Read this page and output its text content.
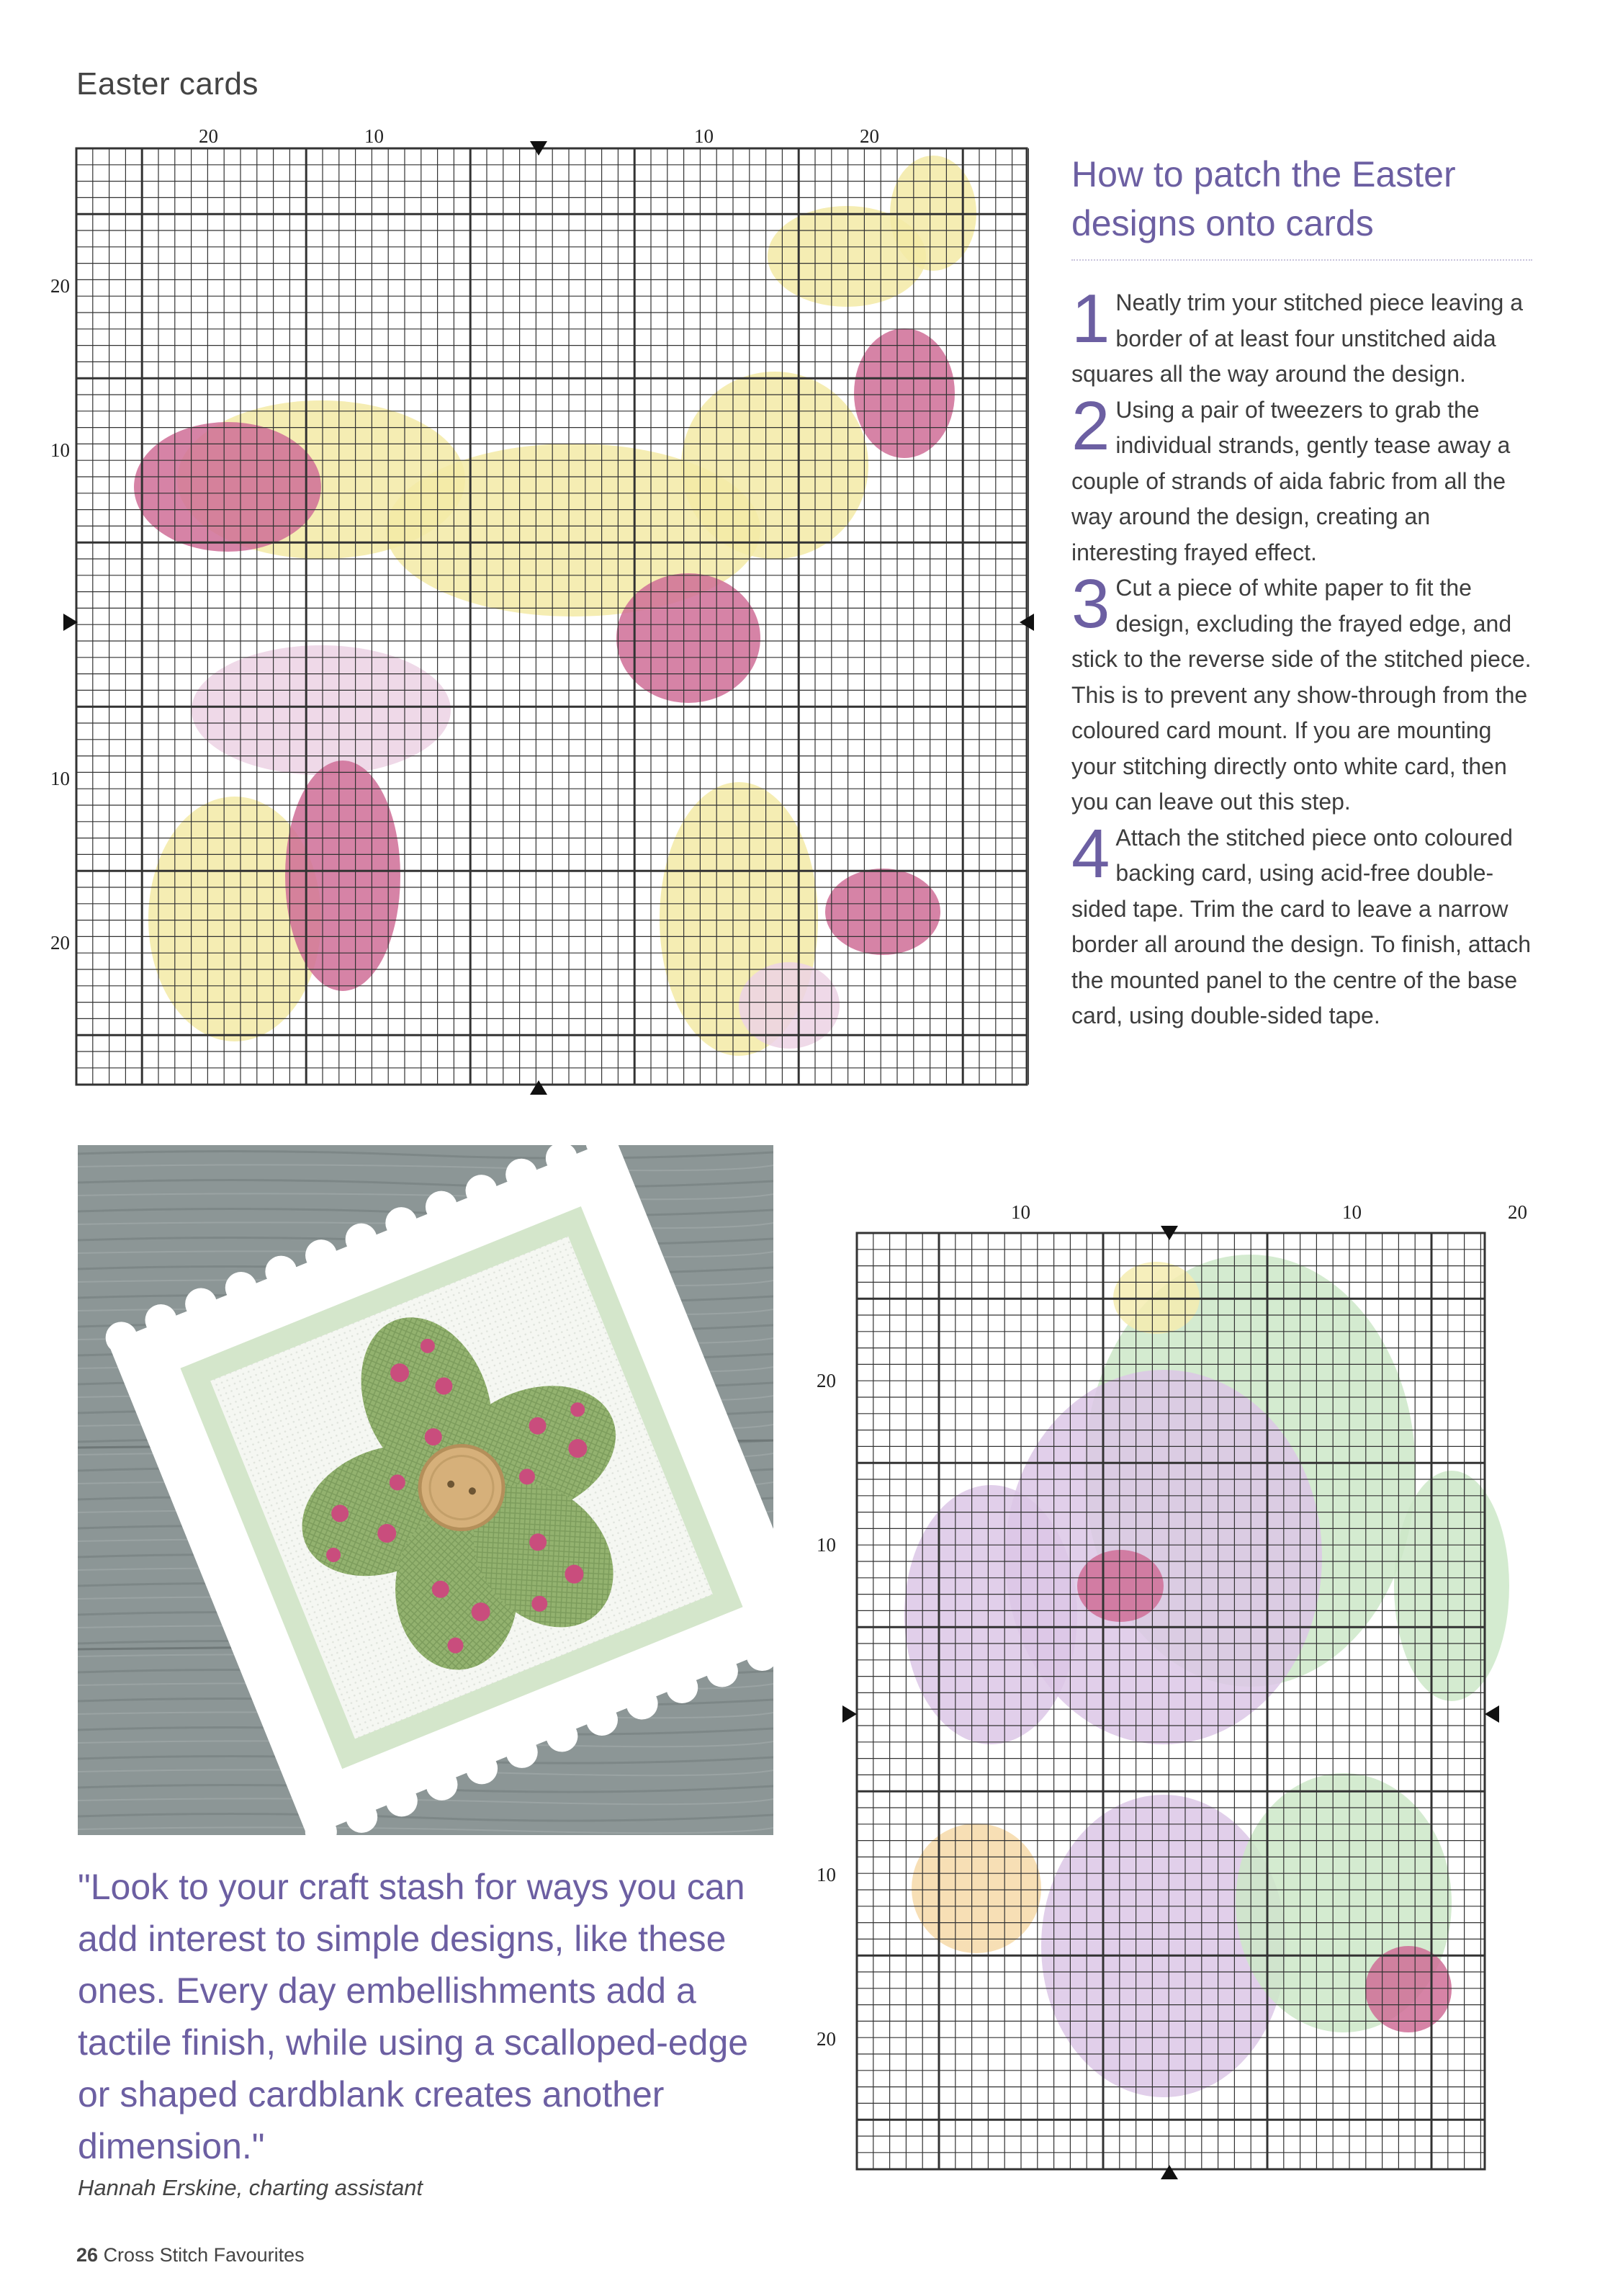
Easter cards
20	10	10	20
20
10
10
20
How to patch the Easter designs onto cards
1 Neatly trim your stitched piece leaving a border of at least four unstitched aida squares all the way around the design.
2 Using a pair of tweezers to grab the individual strands, gently tease away a couple of strands of aida fabric from all the way around the design, creating an interesting frayed effect.
3 Cut a piece of white paper to fit the design, excluding the frayed edge, and stick to the reverse side of the stitched piece. This is to prevent any show-through from the coloured card mount. If you are mounting your stitching directly onto white card, then you can leave out this step.
4 Attach the stitched piece onto coloured backing card, using acid-free double-sided tape. Trim the card to leave a narrow border all around the design. To finish, attach the mounted panel to the centre of the base card, using double-sided tape.
10	10	20
20
10
10
20
"Look to your craft stash for ways you can add interest to simple designs, like these ones. Every day embellishments add a tactile finish, while using a scalloped-edge or shaped cardblank creates another dimension."
Hannah Erskine, charting assistant
26 Cross Stitch Favourites
